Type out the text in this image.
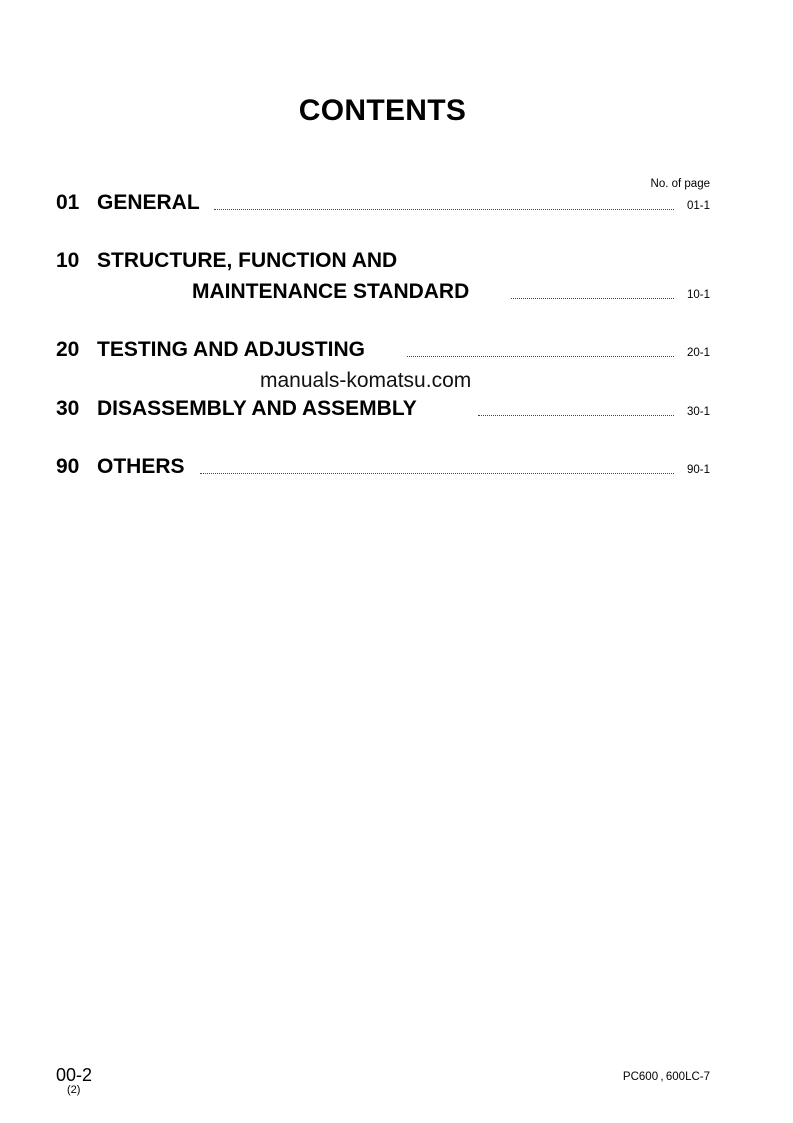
CONTENTS
No. of page
01 GENERAL	01-1
10 STRUCTURE, FUNCTION AND
MAINTENANCE STANDARD	10-1
20 TESTING AND ADJUSTING	20-1
manuals-komatsu.com
30 DISASSEMBLY AND ASSEMBLY	30-1
90 OTHERS	90-1
00-2
(2)
PC600 , 600LC-7
